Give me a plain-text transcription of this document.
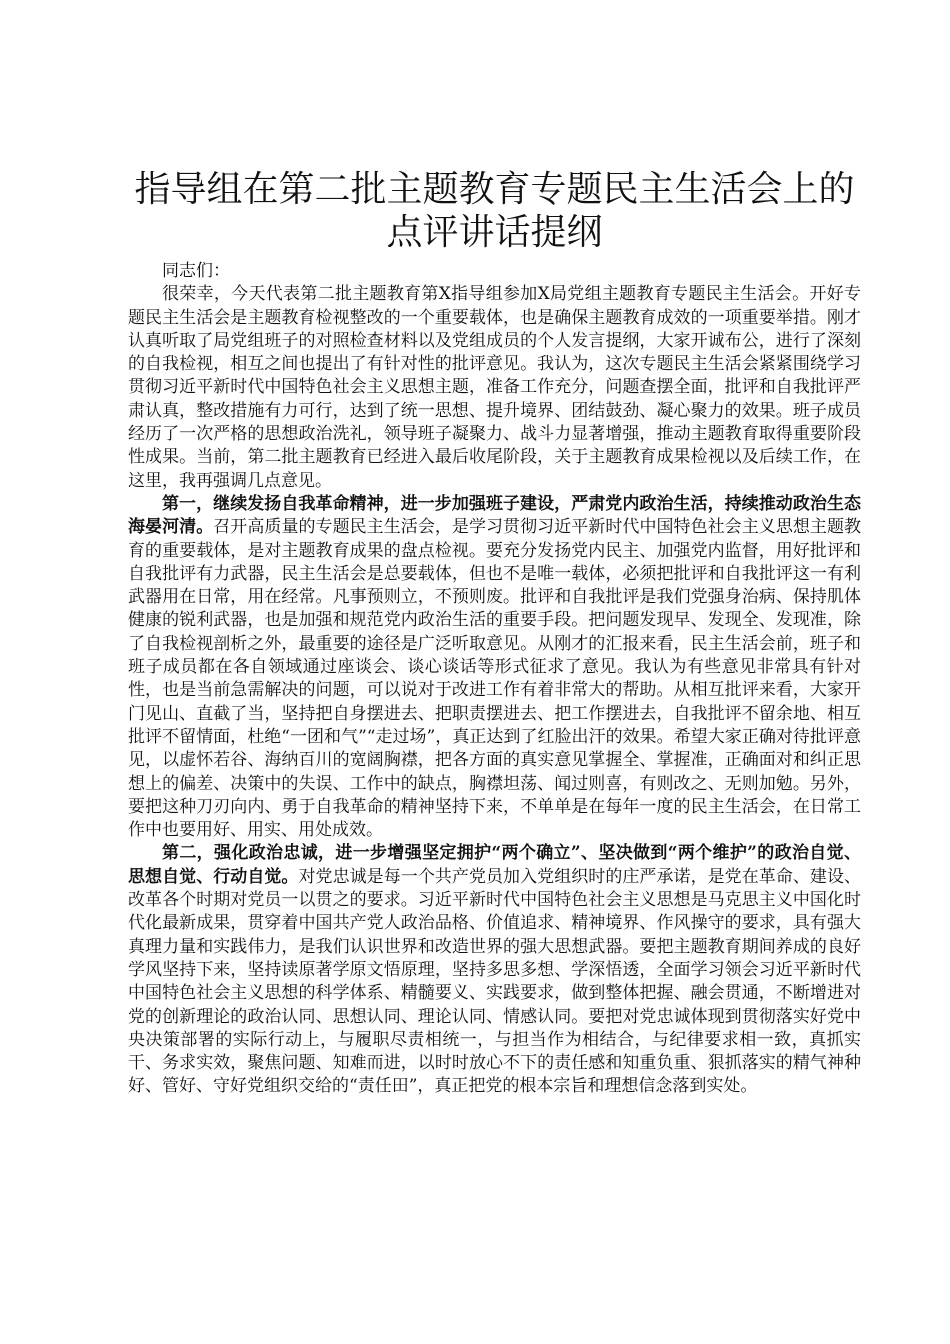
指导组在第二批主题教育专题民主生活会上的
点评讲话提纲

同志们：

很荣幸，今天代表第二批主题教育第X指导组参加X局党组主题教育专题民主生活会。开好专题民主生活会是主题教育检视整改的一个重要载体，也是确保主题教育成效的一项重要举措。刚才认真听取了局党组班子的对照检查材料以及党组成员的个人发言提纲，大家开诚布公，进行了深刻的自我检视，相互之间也提出了有针对性的批评意见。我认为，这次专题民主生活会紧紧围绕学习贯彻习近平新时代中国特色社会主义思想主题，准备工作充分，问题查摆全面，批评和自我批评严肃认真，整改措施有力可行，达到了统一思想、提升境界、团结鼓劲、凝心聚力的效果。班子成员经历了一次严格的思想政治洗礼，领导班子凝聚力、战斗力显著增强，推动主题教育取得重要阶段性成果。当前，第二批主题教育已经进入最后收尾阶段，关于主题教育成果检视以及后续工作，在这里，我再强调几点意见。

第一，继续发扬自我革命精神，进一步加强班子建设，严肃党内政治生活，持续推动政治生态海晏河清。召开高质量的专题民主生活会，是学习贯彻习近平新时代中国特色社会主义思想主题教育的重要载体，是对主题教育成果的盘点检视。要充分发扬党内民主、加强党内监督，用好批评和自我批评有力武器，民主生活会是总要载体，但也不是唯一载体，必须把批评和自我批评这一有利武器用在日常，用在经常。凡事预则立，不预则废。批评和自我批评是我们党强身治病、保持肌体健康的锐利武器，也是加强和规范党内政治生活的重要手段。把问题发现早、发现全、发现准，除了自我检视剖析之外，最重要的途径是广泛听取意见。从刚才的汇报来看，民主生活会前，班子和班子成员都在各自领域通过座谈会、谈心谈话等形式征求了意见。我认为有些意见非常具有针对性，也是当前急需解决的问题，可以说对于改进工作有着非常大的帮助。从相互批评来看，大家开门见山、直截了当，坚持把自身摆进去、把职责摆进去、把工作摆进去，自我批评不留余地、相互批评不留情面，杜绝“一团和气”“走过场”，真正达到了红脸出汗的效果。希望大家正确对待批评意见，以虚怀若谷、海纳百川的宽阔胸襟，把各方面的真实意见掌握全、掌握准，正确面对和纠正思想上的偏差、决策中的失误、工作中的缺点，胸襟坦荡、闻过则喜，有则改之、无则加勉。另外，要把这种刀刃向内、勇于自我革命的精神坚持下来，不单单是在每年一度的民主生活会，在日常工作中也要用好、用实、用处成效。

第二，强化政治忠诚，进一步增强坚定拥护“两个确立”、坚决做到“两个维护”的政治自觉、思想自觉、行动自觉。对党忠诚是每一个共产党员加入党组织时的庄严承诺，是党在革命、建设、改革各个时期对党员一以贯之的要求。习近平新时代中国特色社会主义思想是马克思主义中国化时代化最新成果，贯穿着中国共产党人政治品格、价值追求、精神境界、作风操守的要求，具有强大真理力量和实践伟力，是我们认识世界和改造世界的强大思想武器。要把主题教育期间养成的良好学风坚持下来，坚持读原著学原文悟原理，坚持多思多想、学深悟透，全面学习领会习近平新时代中国特色社会主义思想的科学体系、精髓要义、实践要求，做到整体把握、融会贯通，不断增进对党的创新理论的政治认同、思想认同、理论认同、情感认同。要把对党忠诚体现到贯彻落实好党中央决策部署的实际行动上，与履职尽责相统一，与担当作为相结合，与纪律要求相一致，真抓实干、务求实效，聚焦问题、知难而进，以时时放心不下的责任感和知重负重、狠抓落实的精气神种好、管好、守好党组织交给的“责任田”，真正把党的根本宗旨和理想信念落到实处。
